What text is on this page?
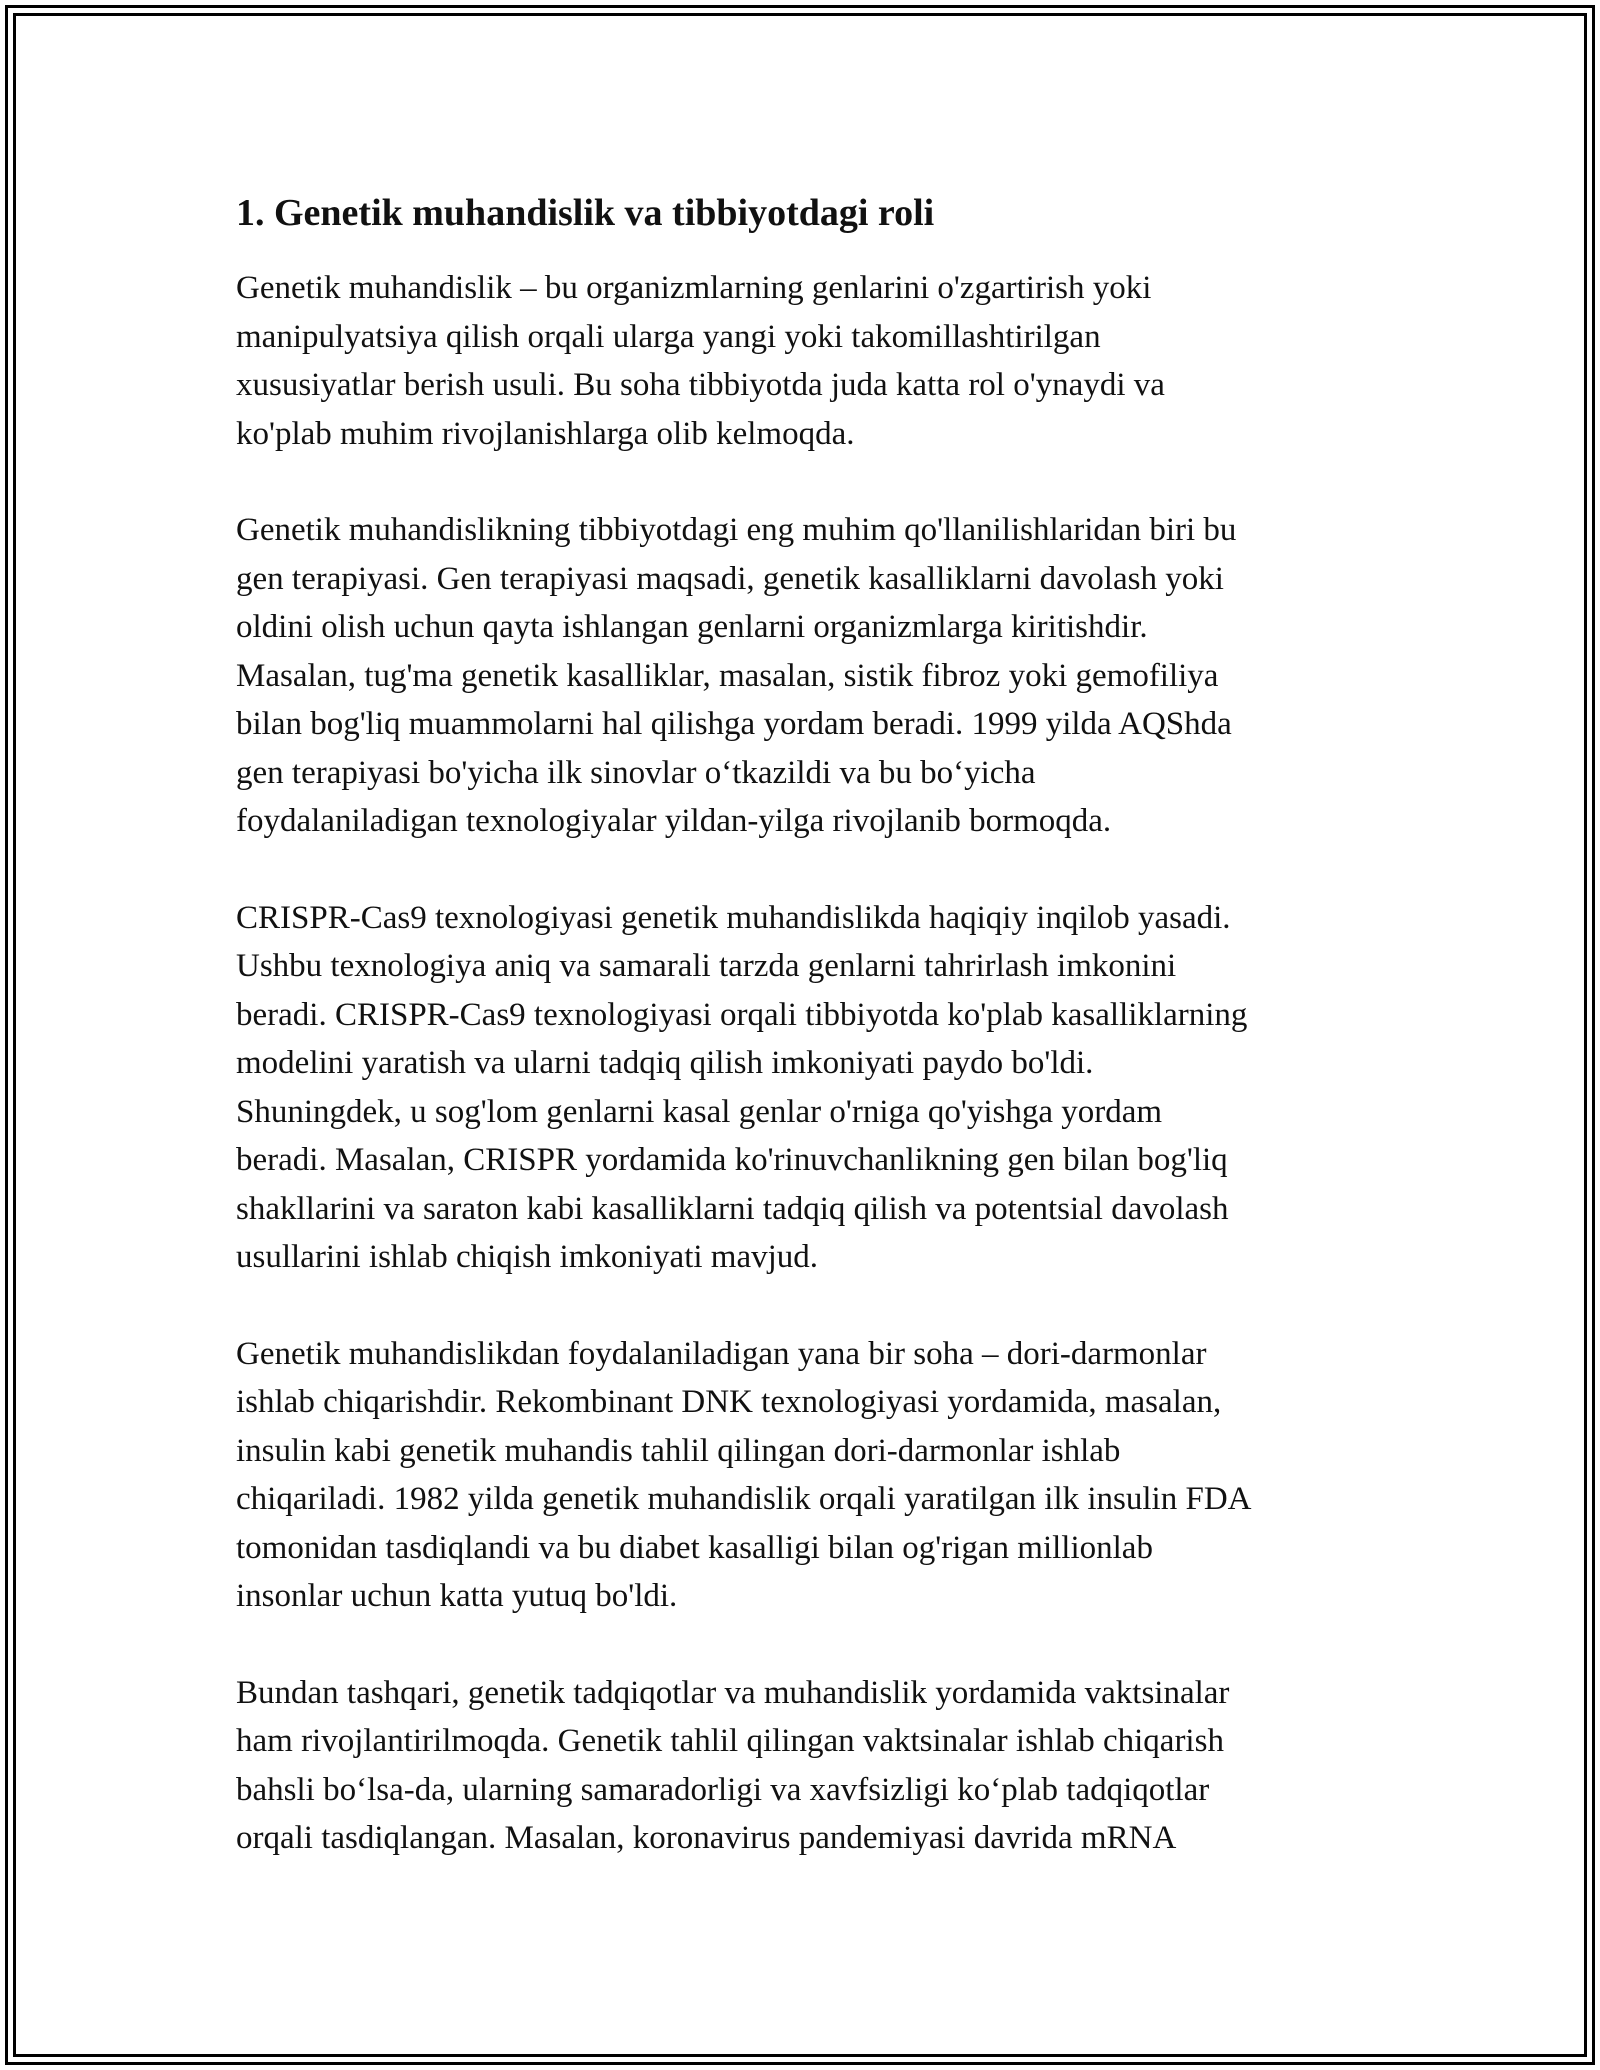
1. Genetik muhandislik va tibbiyotdagi roli

Genetik muhandislik – bu organizmlarning genlarini o'zgartirish yoki
manipulyatsiya qilish orqali ularga yangi yoki takomillashtirilgan
xususiyatlar berish usuli. Bu soha tibbiyotda juda katta rol o'ynaydi va
ko'plab muhim rivojlanishlarga olib kelmoqda.

Genetik muhandislikning tibbiyotdagi eng muhim qo'llanilishlaridan biri bu
gen terapiyasi. Gen terapiyasi maqsadi, genetik kasalliklarni davolash yoki
oldini olish uchun qayta ishlangan genlarni organizmlarga kiritishdir.
Masalan, tug'ma genetik kasalliklar, masalan, sistik fibroz yoki gemofiliya
bilan bog'liq muammolarni hal qilishga yordam beradi. 1999 yilda AQShda
gen terapiyasi bo'yicha ilk sinovlar o‘tkazildi va bu bo‘yicha
foydalaniladigan texnologiyalar yildan-yilga rivojlanib bormoqda.

CRISPR-Cas9 texnologiyasi genetik muhandislikda haqiqiy inqilob yasadi.
Ushbu texnologiya aniq va samarali tarzda genlarni tahrirlash imkonini
beradi. CRISPR-Cas9 texnologiyasi orqali tibbiyotda ko'plab kasalliklarning
modelini yaratish va ularni tadqiq qilish imkoniyati paydo bo'ldi.
Shuningdek, u sog'lom genlarni kasal genlar o'rniga qo'yishga yordam
beradi. Masalan, CRISPR yordamida ko'rinuvchanlikning gen bilan bog'liq
shakllarini va saraton kabi kasalliklarni tadqiq qilish va potentsial davolash
usullarini ishlab chiqish imkoniyati mavjud.

Genetik muhandislikdan foydalaniladigan yana bir soha – dori-darmonlar
ishlab chiqarishdir. Rekombinant DNK texnologiyasi yordamida, masalan,
insulin kabi genetik muhandis tahlil qilingan dori-darmonlar ishlab
chiqariladi. 1982 yilda genetik muhandislik orqali yaratilgan ilk insulin FDA
tomonidan tasdiqlandi va bu diabet kasalligi bilan og'rigan millionlab
insonlar uchun katta yutuq bo'ldi.

Bundan tashqari, genetik tadqiqotlar va muhandislik yordamida vaktsinalar
ham rivojlantirilmoqda. Genetik tahlil qilingan vaktsinalar ishlab chiqarish
bahsli bo‘lsa-da, ularning samaradorligi va xavfsizligi ko‘plab tadqiqotlar
orqali tasdiqlangan. Masalan, koronavirus pandemiyasi davrida mRNA
